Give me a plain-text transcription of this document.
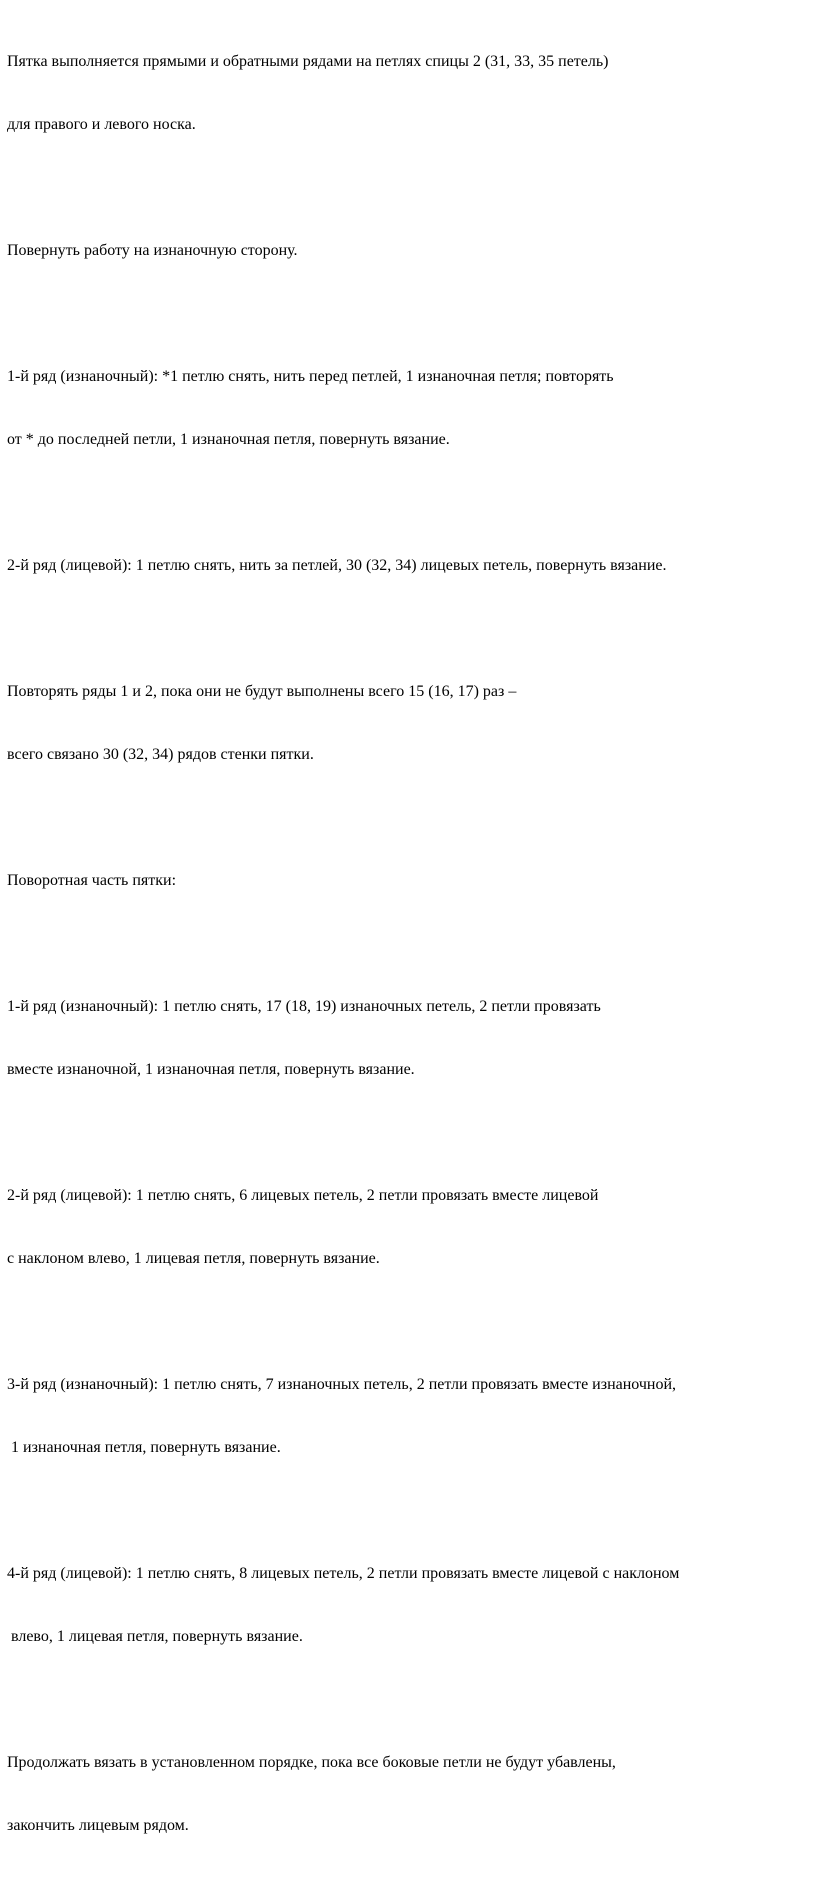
Пятка выполняется прямыми и обратными рядами на петлях спицы 2 (31, 33, 35 петель)

для правого и левого носка.

Повернуть работу на изнаночную сторону.

1-й ряд (изнаночный): *1 петлю снять, нить перед петлей, 1 изнаночная петля; повторять

от * до последней петли, 1 изнаночная петля, повернуть вязание.

2-й ряд (лицевой): 1 петлю снять, нить за петлей, 30 (32, 34) лицевых петель, повернуть вязание.

Повторять ряды 1 и 2, пока они не будут выполнены всего 15 (16, 17) раз –

всего связано 30 (32, 34) рядов стенки пятки.

Поворотная часть пятки:

1-й ряд (изнаночный): 1 петлю снять, 17 (18, 19) изнаночных петель, 2 петли провязать

вместе изнаночной, 1 изнаночная петля, повернуть вязание.

2-й ряд (лицевой): 1 петлю снять, 6 лицевых петель, 2 петли провязать вместе лицевой

с наклоном влево, 1 лицевая петля, повернуть вязание.

3-й ряд (изнаночный): 1 петлю снять, 7 изнаночных петель, 2 петли провязать вместе изнаночной,

1 изнаночная петля, повернуть вязание.

4-й ряд (лицевой): 1 петлю снять, 8 лицевых петель, 2 петли провязать вместе лицевой с наклоном

влево, 1 лицевая петля, повернуть вязание.

Продолжать вязать в установленном порядке, пока все боковые петли не будут убавлены,

закончить лицевым рядом.
